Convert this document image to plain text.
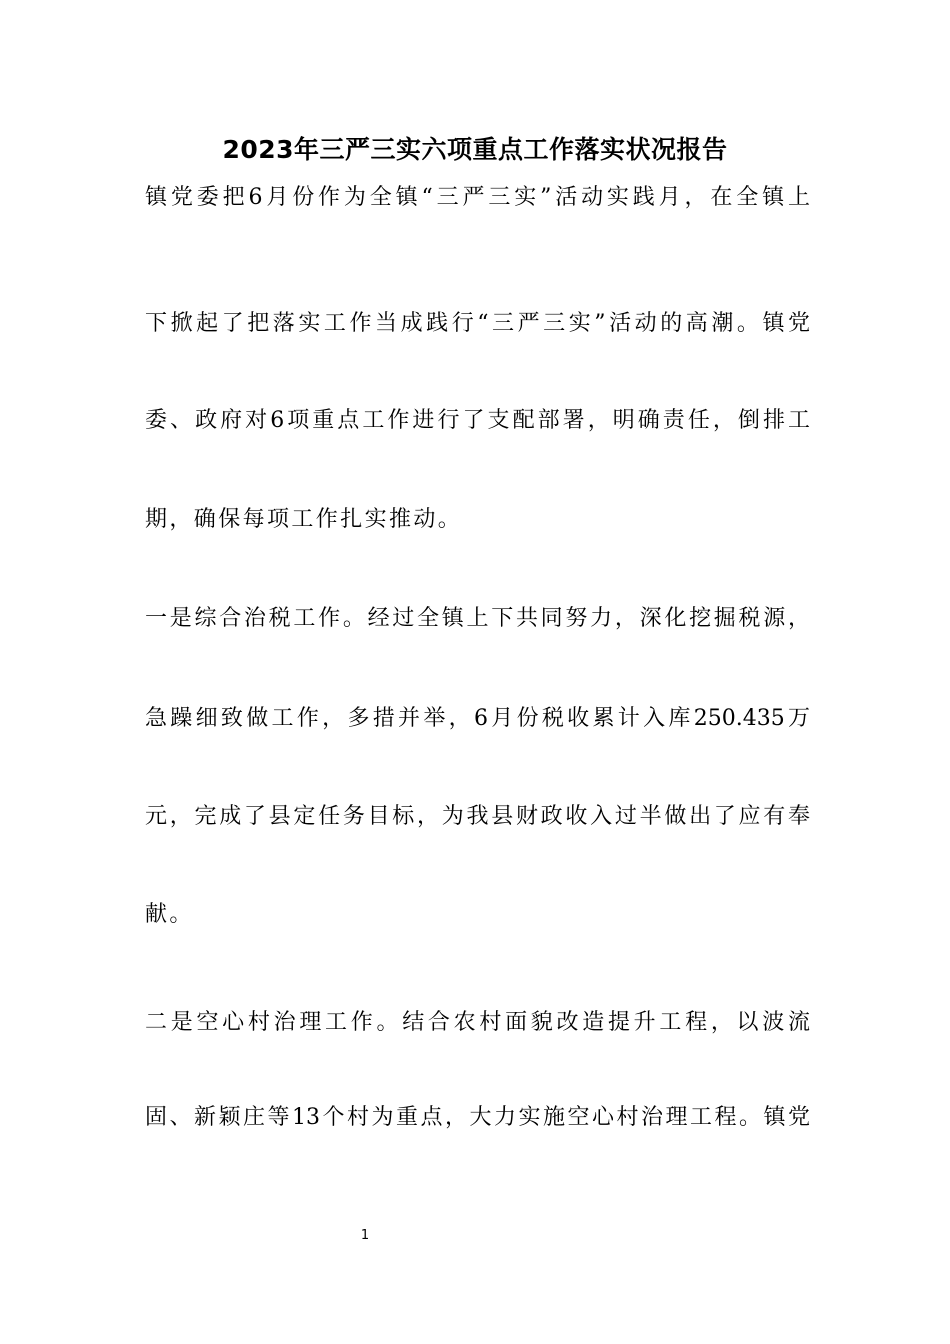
2023年三严三实六项重点工作落实状况报告
镇党委把6月份作为全镇“三严三实”活动实践月，在全镇上
下掀起了把落实工作当成践行“三严三实”活动的高潮。镇党
委、政府对6项重点工作进行了支配部署，明确责任，倒排工
期，确保每项工作扎实推动。
一是综合治税工作。经过全镇上下共同努力，深化挖掘税源，
急躁细致做工作，多措并举，6月份税收累计入库250.435万
元，完成了县定任务目标，为我县财政收入过半做出了应有奉
献。
二是空心村治理工作。结合农村面貌改造提升工程，以波流
固、新颖庄等13个村为重点，大力实施空心村治理工程。镇党
1
